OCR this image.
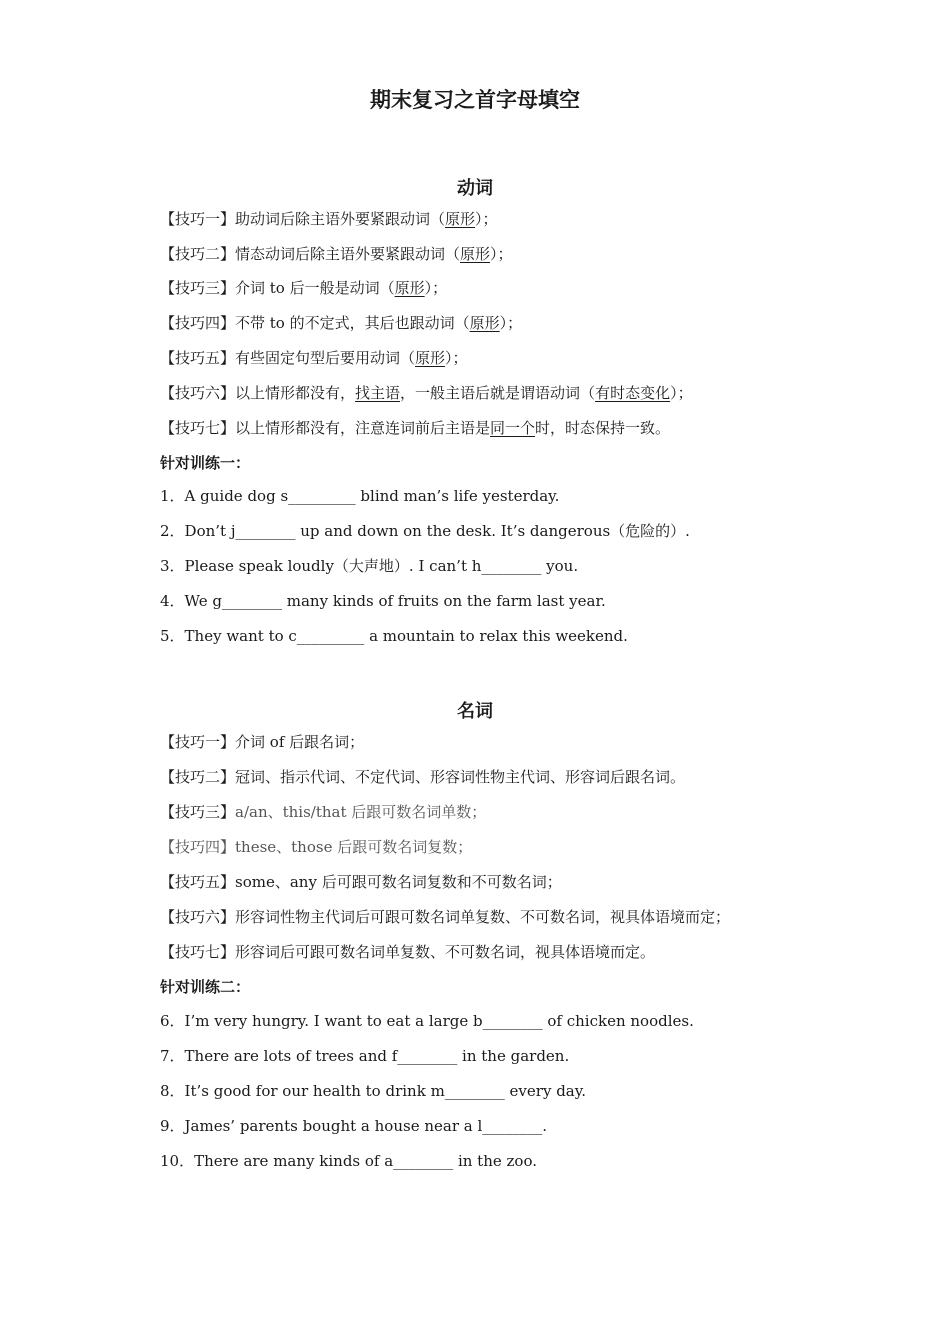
期末复习之首字母填空
动词
【技巧一】助动词后除主语外要紧跟动词（原形）；
【技巧二】情态动词后除主语外要紧跟动词（原形）；
【技巧三】介词 to 后一般是动词（原形）；
【技巧四】不带 to 的不定式，其后也跟动词（原形）；
【技巧五】有些固定句型后要用动词（原形）；
【技巧六】以上情形都没有，找主语，一般主语后就是谓语动词（有时态变化）；
【技巧七】以上情形都没有，注意连词前后主语是同一个时，时态保持一致。
针对训练一：
1．A guide dog s_________ blind man’s life yesterday.
2．Don’t j________ up and down on the desk. It’s dangerous（危险的）.
3．Please speak loudly（大声地）. I can’t h________ you.
4．We g________ many kinds of fruits on the farm last year.
5．They want to c_________ a mountain to relax this weekend.
名词
【技巧一】介词 of 后跟名词；
【技巧二】冠词、指示代词、不定代词、形容词性物主代词、形容词后跟名词。
【技巧三】a/an、this/that 后跟可数名词单数；
【技巧四】these、those 后跟可数名词复数；
【技巧五】some、any 后可跟可数名词复数和不可数名词；
【技巧六】形容词性物主代词后可跟可数名词单复数、不可数名词，视具体语境而定；
【技巧七】形容词后可跟可数名词单复数、不可数名词，视具体语境而定。
针对训练二：
6．I’m very hungry. I want to eat a large b________ of chicken noodles.
7．There are lots of trees and f________ in the garden.
8．It’s good for our health to drink m________ every day.
9．James’ parents bought a house near a l________.
10．There are many kinds of a________ in the zoo.
